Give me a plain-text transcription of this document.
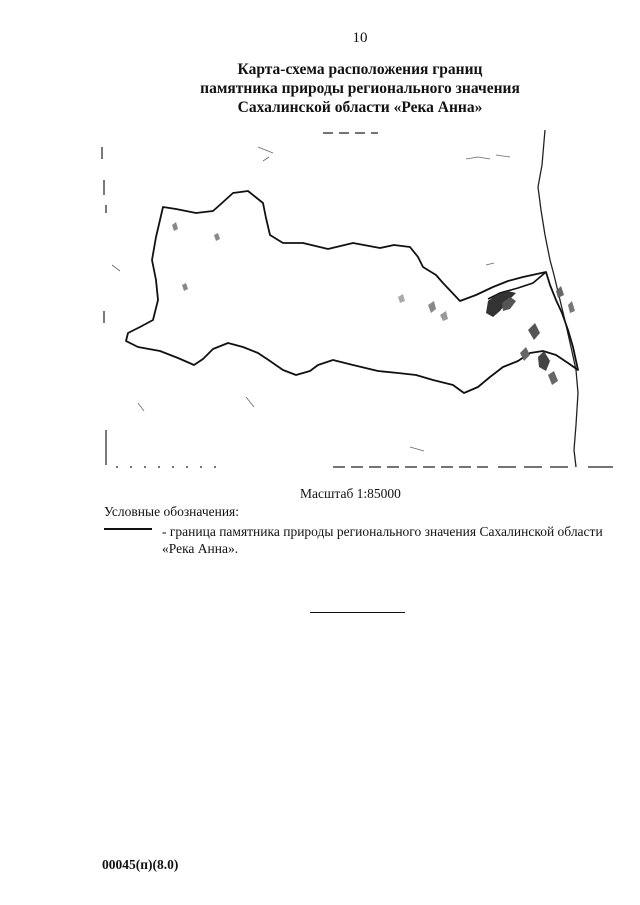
10
Карта-схема расположения границ
памятника природы регионального значения
Сахалинской области «Река Анна»
Масштаб 1:85000
Условные обозначения:
- граница памятника природы регионального значения Сахалинской области «Река Анна».
00045(п)(8.0)
